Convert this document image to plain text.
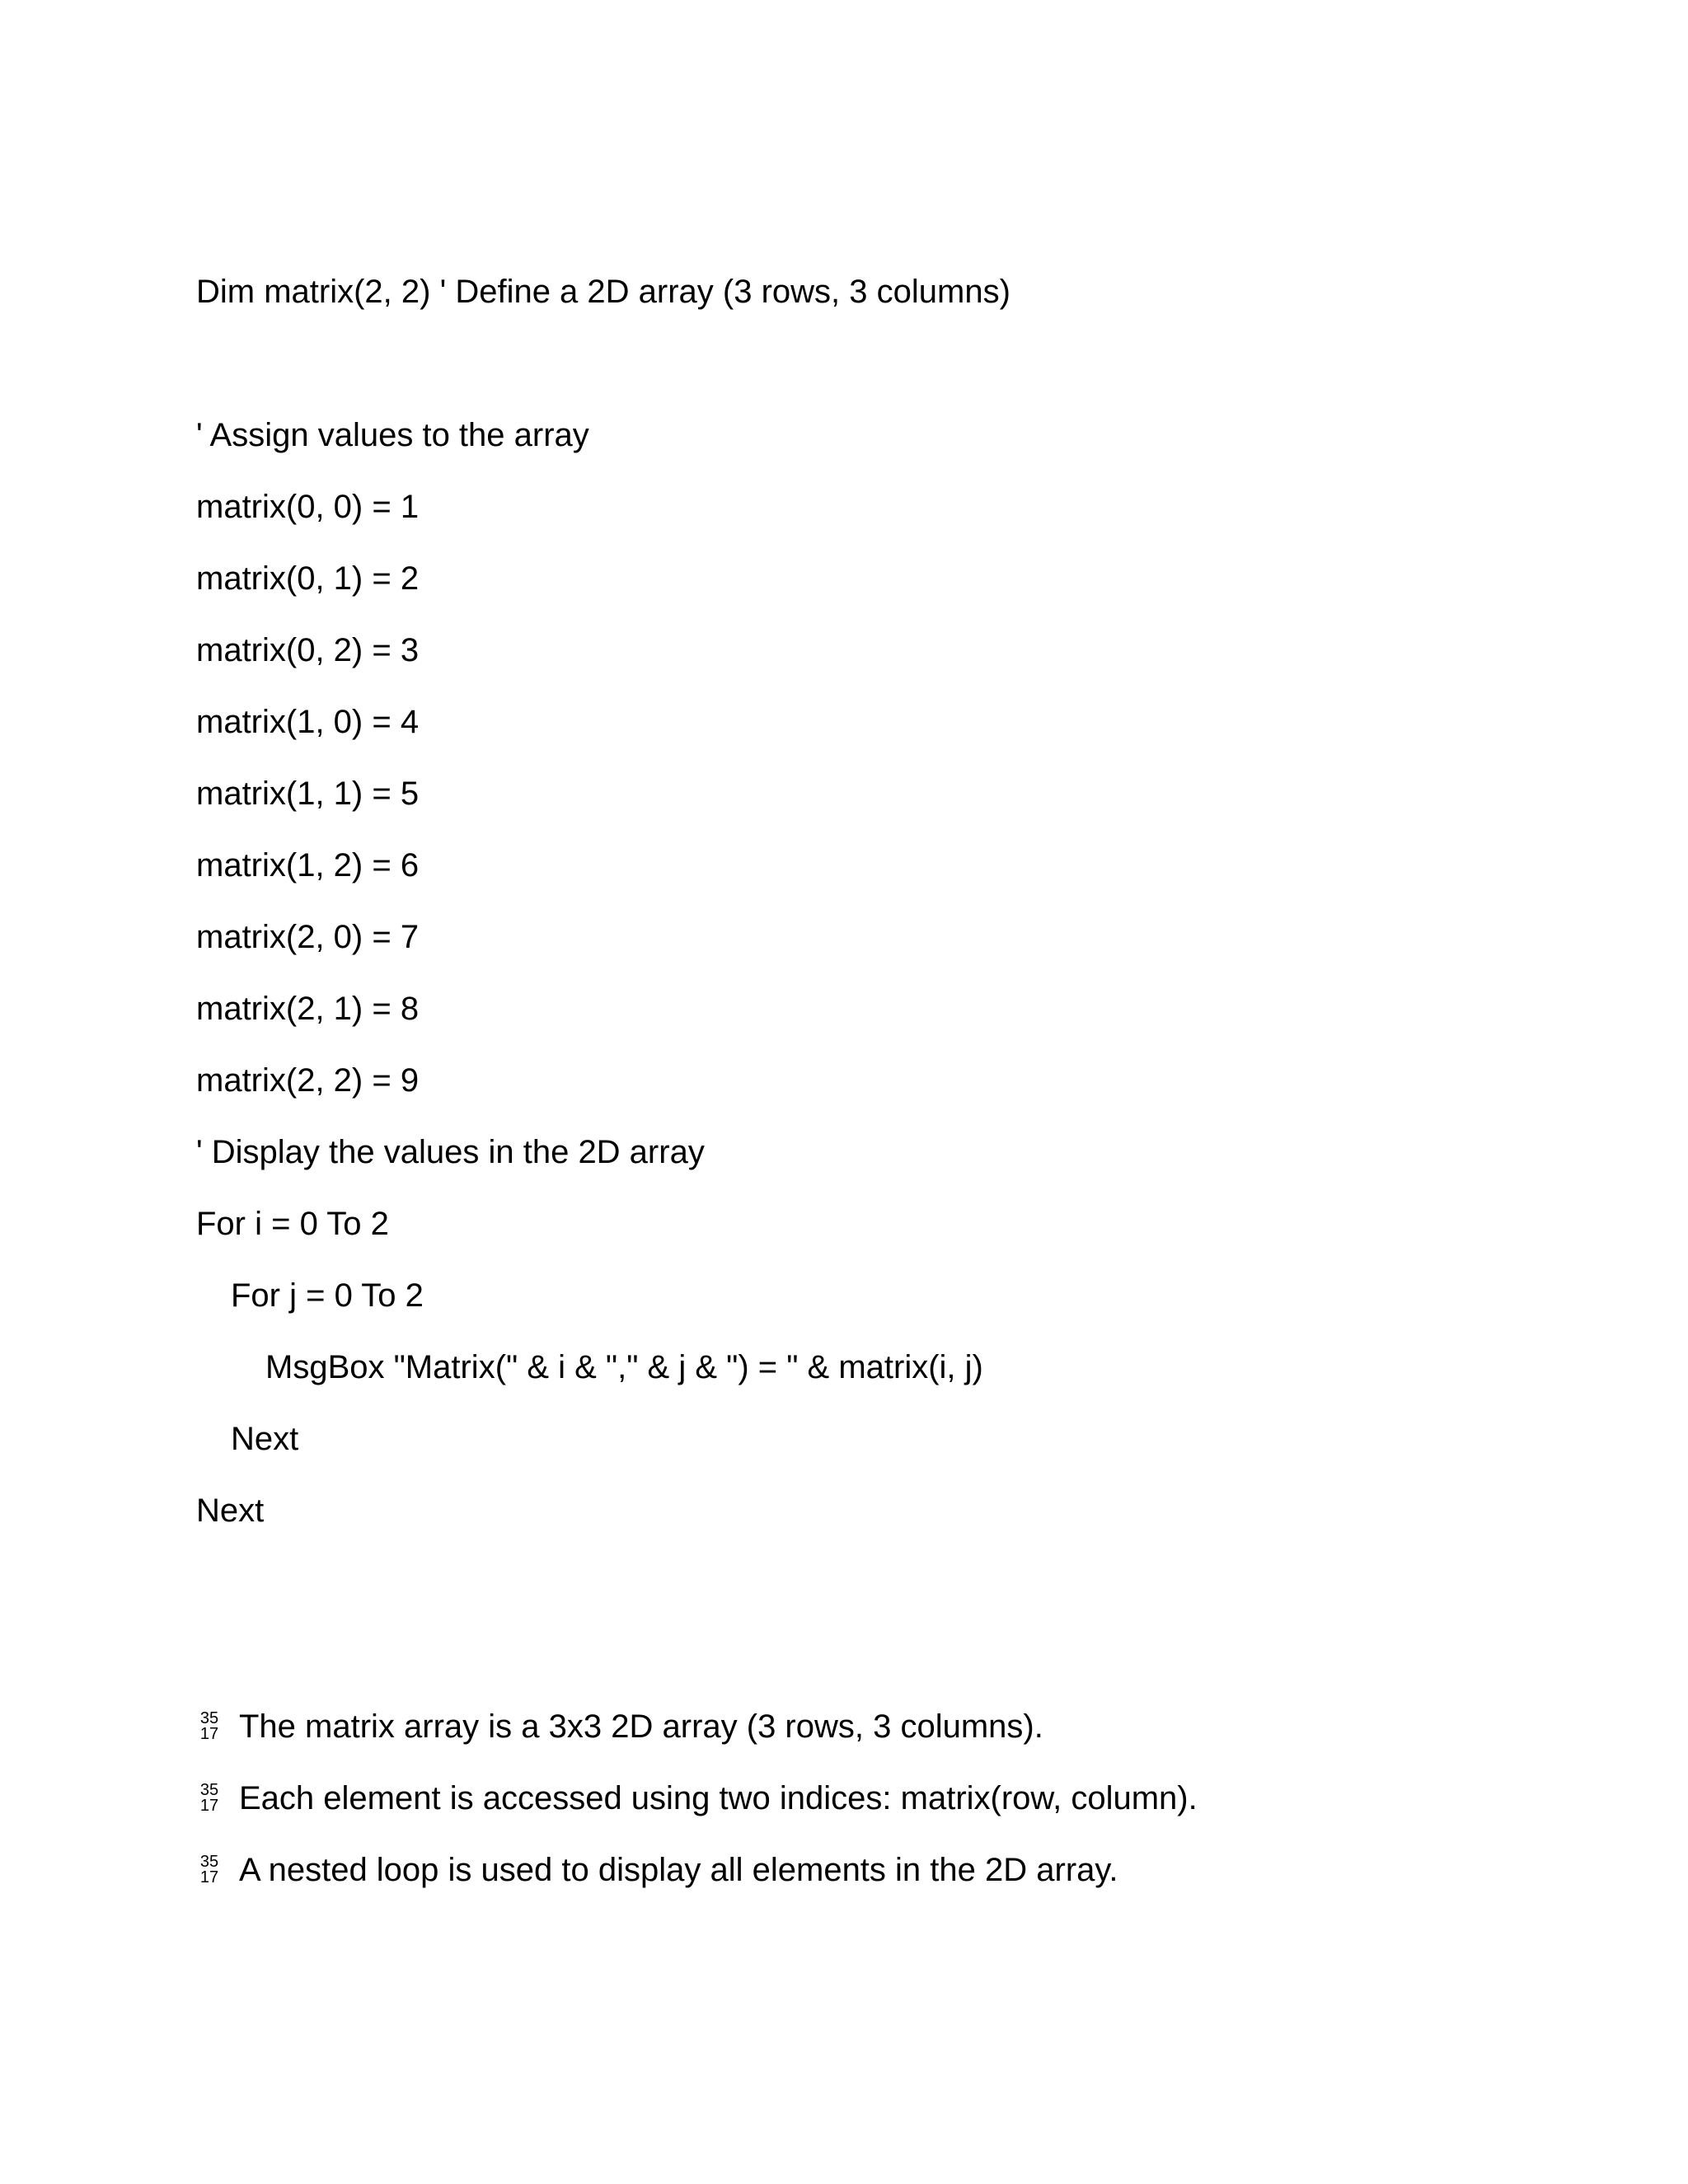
Dim matrix(2, 2) ' Define a 2D array (3 rows, 3 columns)
' Assign values to the array
matrix(0, 0) = 1
matrix(0, 1) = 2
matrix(0, 2) = 3
matrix(1, 0) = 4
matrix(1, 1) = 5
matrix(1, 2) = 6
matrix(2, 0) = 7
matrix(2, 1) = 8
matrix(2, 2) = 9
' Display the values in the 2D array
For i = 0 To 2
For j = 0 To 2
MsgBox "Matrix(" & i & "," & j & ") = " & matrix(i, j)
Next
Next
35
17 The matrix array is a 3x3 2D array (3 rows, 3 columns).
35
17 Each element is accessed using two indices: matrix(row, column).
35
17 A nested loop is used to display all elements in the 2D array.
